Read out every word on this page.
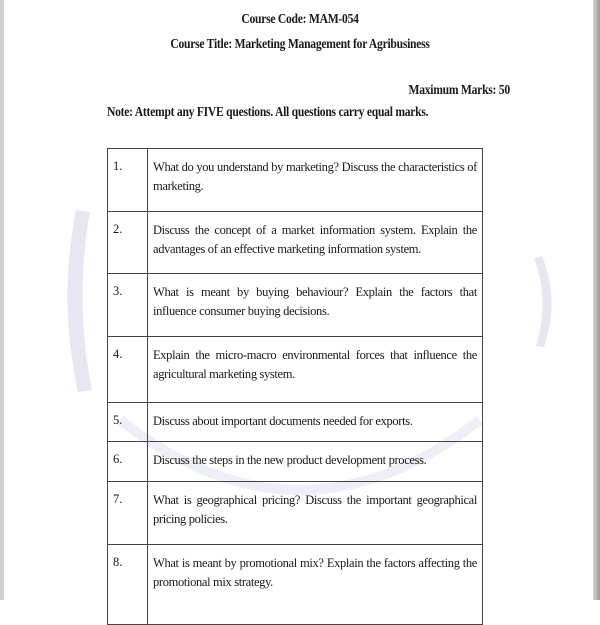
Course Code: MAM-054
Course Title: Marketing Management for Agribusiness
Maximum Marks: 50
Note: Attempt any FIVE questions. All questions carry equal marks.
1.	What do you understand by marketing? Discuss the characteristics of marketing.
2.	Discuss the concept of a market information system. Explain the advantages of an effective marketing information system.
3.	What is meant by buying behaviour? Explain the factors that influence consumer buying decisions.
4.	Explain the micro-macro environmental forces that influence the agricultural marketing system.
5.	Discuss about important documents needed for exports.
6.	Discuss the steps in the new product development process.
7.	What is geographical pricing? Discuss the important geographical pricing policies.
8.	What is meant by promotional mix? Explain the factors affecting the promotional mix strategy.
